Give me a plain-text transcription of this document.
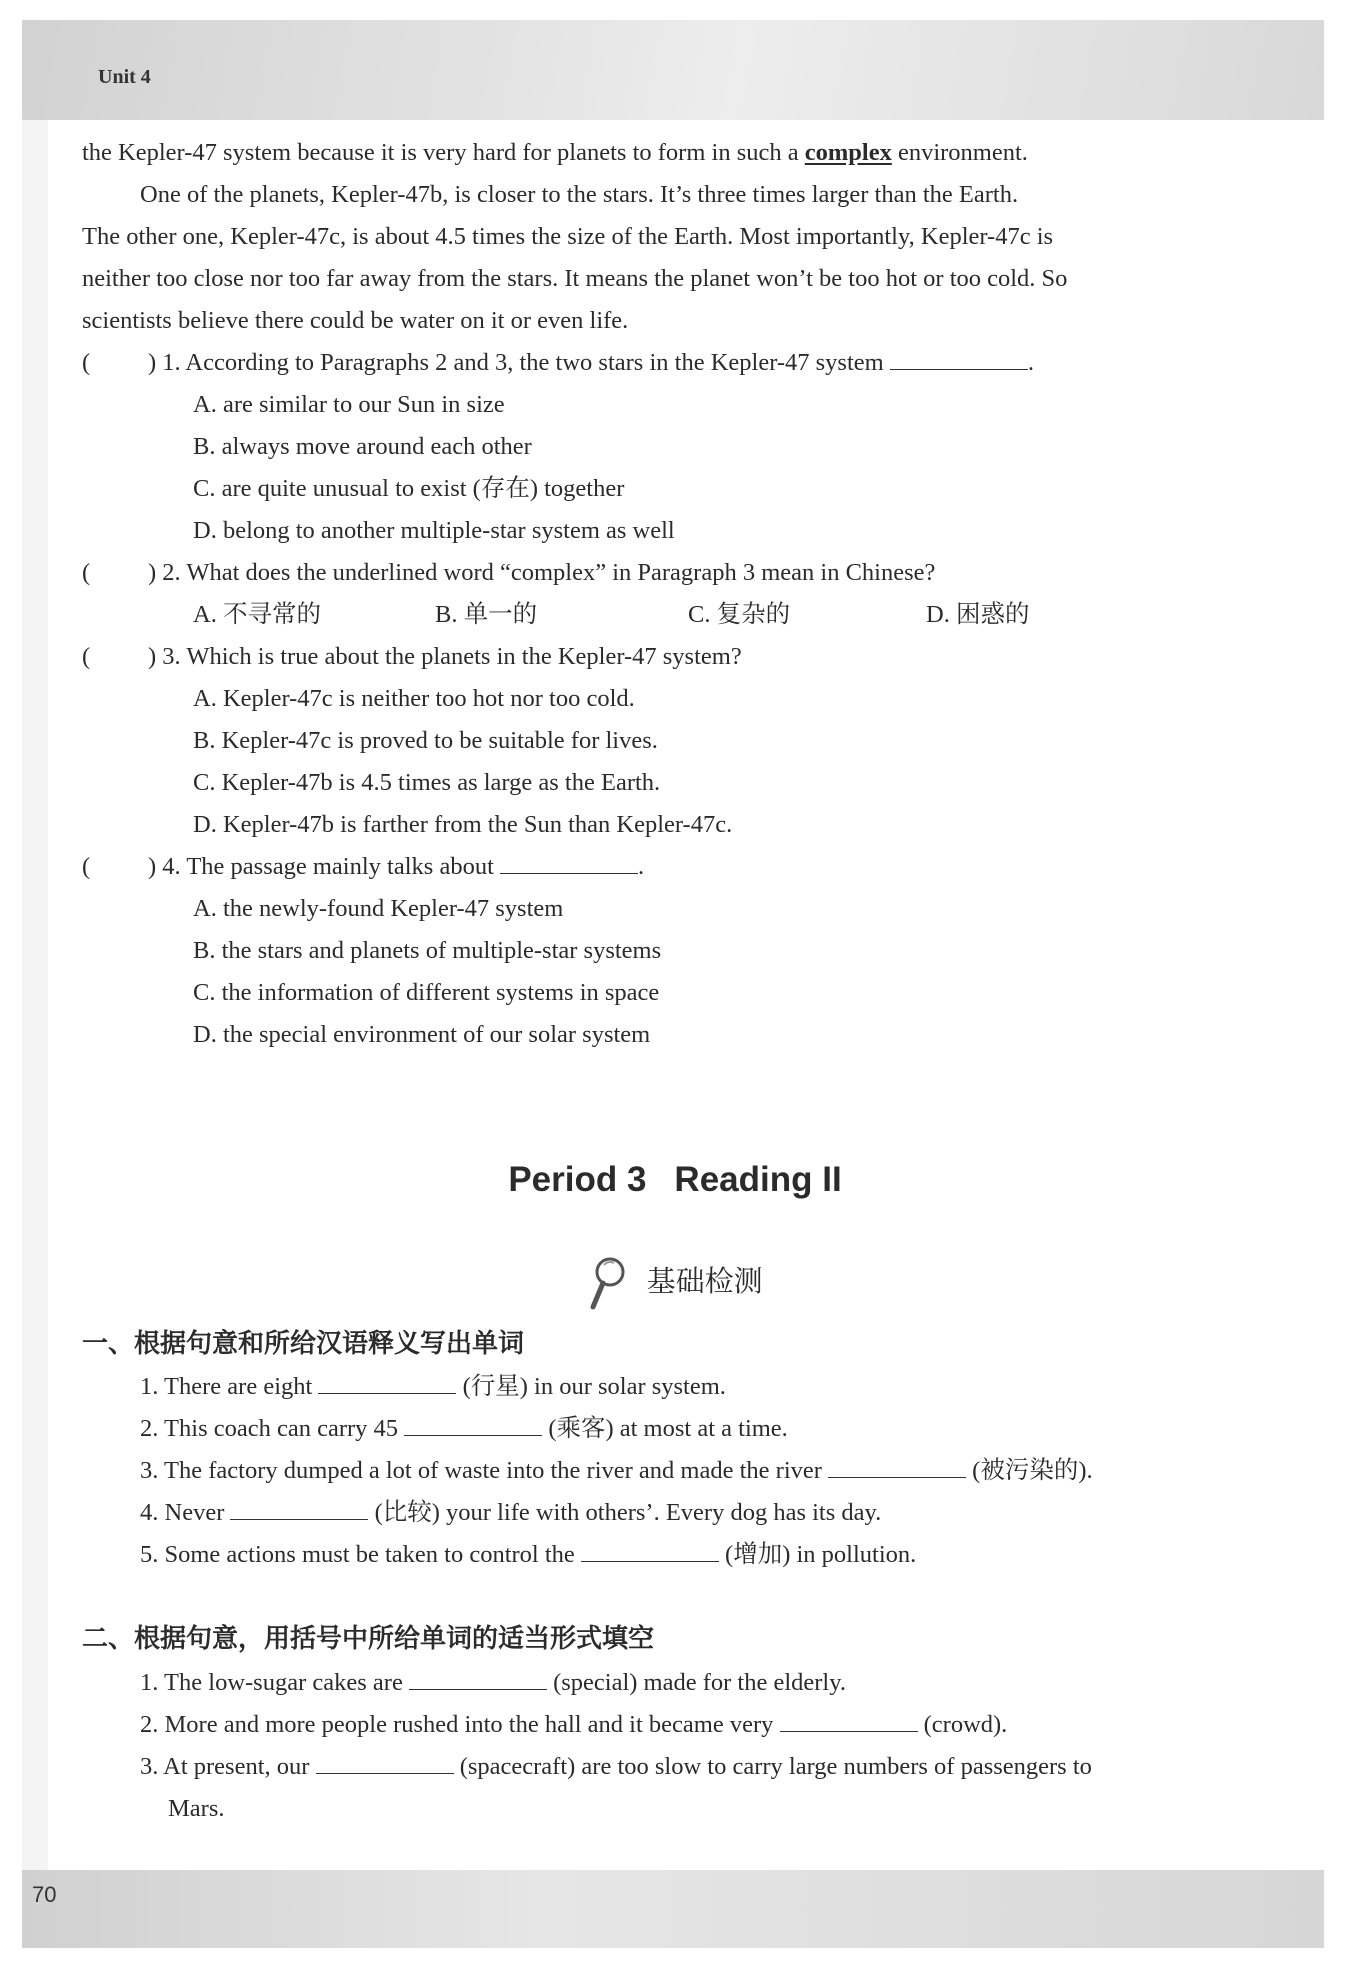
Unit 4
70
the Kepler-47 system because it is very hard for planets to form in such a complex environment.
One of the planets, Kepler-47b, is closer to the stars. It’s three times larger than the Earth.
The other one, Kepler-47c, is about 4.5 times the size of the Earth. Most importantly, Kepler-47c is
neither too close nor too far away from the stars. It means the planet won’t be too hot or too cold. So
scientists believe there could be water on it or even life.
( ) 1. According to Paragraphs 2 and 3, the two stars in the Kepler-47 system	.
A. are similar to our Sun in size
B. always move around each other
C. are quite unusual to exist (存在) together
D. belong to another multiple-star system as well
( ) 2. What does the underlined word “complex” in Paragraph 3 mean in Chinese?
A. 不寻常的	B. 单一的	C. 复杂的	D. 困惑的
( ) 3. Which is true about the planets in the Kepler-47 system?
A. Kepler-47c is neither too hot nor too cold.
B. Kepler-47c is proved to be suitable for lives.
C. Kepler-47b is 4.5 times as large as the Earth.
D. Kepler-47b is farther from the Sun than Kepler-47c.
( ) 4. The passage mainly talks about	.
A. the newly-found Kepler-47 system
B. the stars and planets of multiple-star systems
C. the information of different systems in space
D. the special environment of our solar system
Period 3 Reading II
基础检测
一、根据句意和所给汉语释义写出单词
1. There are eight	(行星) in our solar system.
2. This coach can carry 45	(乘客) at most at a time.
3. The factory dumped a lot of waste into the river and made the river	(被污染的).
4. Never	(比较) your life with others’. Every dog has its day.
5. Some actions must be taken to control the	(增加) in pollution.
二、根据句意，用括号中所给单词的适当形式填空
1. The low-sugar cakes are	(special) made for the elderly.
2. More and more people rushed into the hall and it became very	(crowd).
3. At present, our	(spacecraft) are too slow to carry large numbers of passengers to
Mars.
